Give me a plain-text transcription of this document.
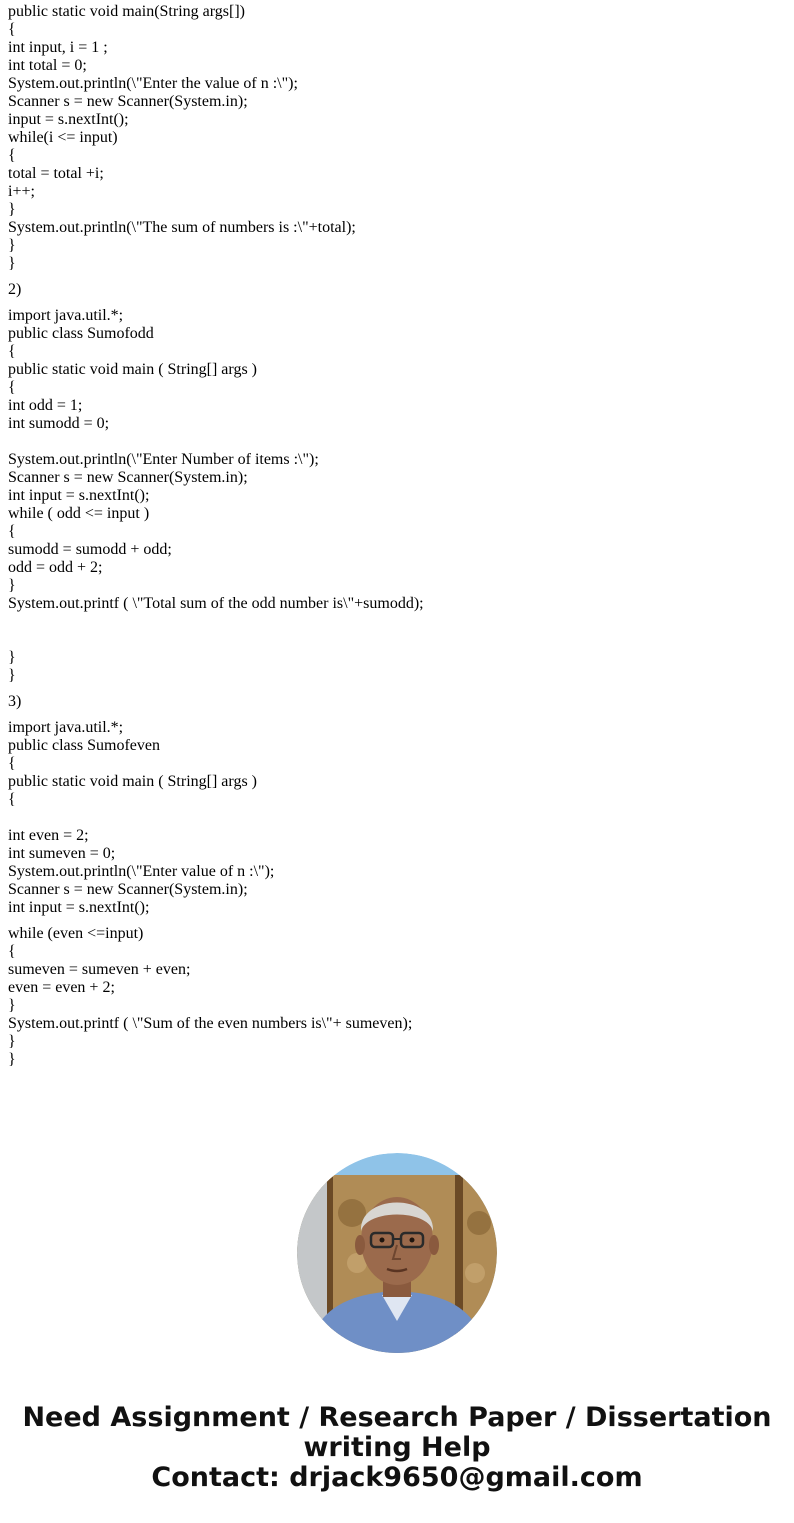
public static void main(String args[])
{
int input, i = 1 ;
int total = 0;
System.out.println(\"Enter the value of n :\");
Scanner s = new Scanner(System.in);
input = s.nextInt();
while(i <= input)
{
total = total +i;
i++;
}
System.out.println(\"The sum of numbers is :\"+total);
}
}
2)
import java.util.*;
public class Sumofodd
{
public static void main ( String[] args )
{
int odd = 1;
int sumodd = 0;
System.out.println(\"Enter Number of items :\");
Scanner s = new Scanner(System.in);
int input = s.nextInt();
while ( odd <= input )
{
sumodd = sumodd + odd;
odd = odd + 2;
}
System.out.printf ( \"Total sum of the odd number is\"+sumodd);
}
}
3)
import java.util.*;
public class Sumofeven
{
public static void main ( String[] args )
{
int even = 2;
int sumeven = 0;
System.out.println(\"Enter value of n :\");
Scanner s = new Scanner(System.in);
int input = s.nextInt();
while (even <=input)
{
sumeven = sumeven + even;
even = even + 2;
}
System.out.printf ( \"Sum of the even numbers is\"+ sumeven);
}
}
Need Assignment / Research Paper / Dissertation
writing Help
Contact: drjack9650@gmail.com
